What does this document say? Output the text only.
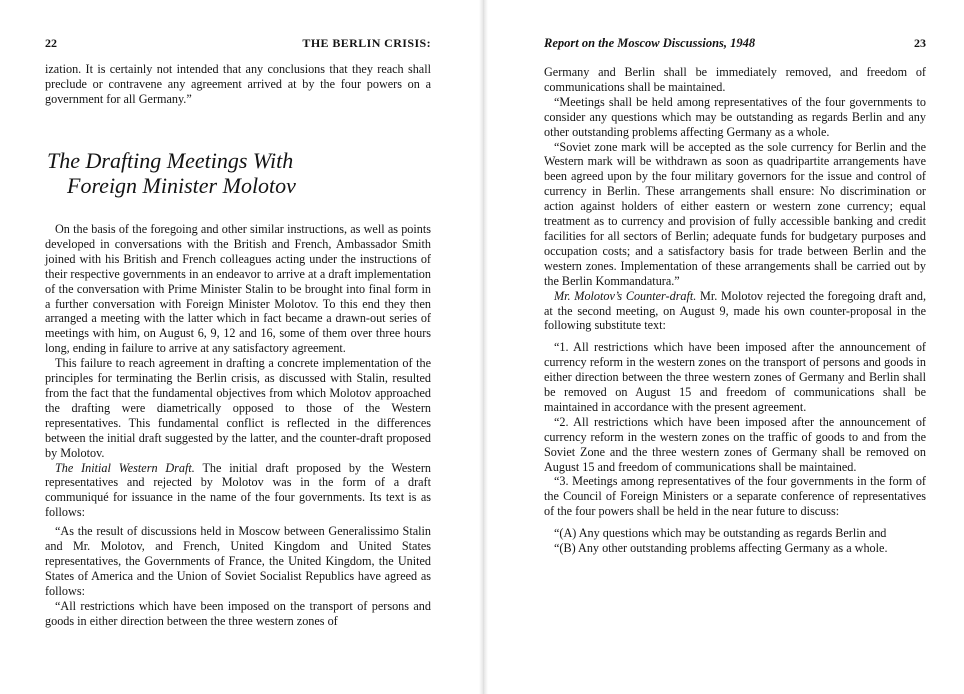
22	THE BERLIN CRISIS:

ization. It is certainly not intended that any conclusions that they reach shall preclude or contravene any agreement arrived at by the four powers on a government for all Germany.”

The Drafting Meetings With
Foreign Minister Molotov

On the basis of the foregoing and other similar instructions, as well as points developed in conversations with the British and French, Ambassador Smith joined with his British and French colleagues acting under the instructions of their respective governments in an endeavor to arrive at a draft implementation of the conversation with Prime Minister Stalin to be brought into final form in a further conversation with Foreign Minister Molotov. To this end they then arranged a meeting with the latter which in fact became a drawn-out series of meetings with him, on August 6, 9, 12 and 16, some of them over three hours long, ending in failure to arrive at any satisfactory agreement.

This failure to reach agreement in drafting a concrete implementation of the principles for terminating the Berlin crisis, as discussed with Stalin, resulted from the fact that the fundamental objectives from which Molotov approached the drafting were diametrically opposed to those of the Western representatives. This fundamental conflict is reflected in the differences between the initial draft suggested by the latter, and the counter-draft proposed by Molotov.

The Initial Western Draft. The initial draft proposed by the Western representatives and rejected by Molotov was in the form of a draft communiqué for issuance in the name of the four governments. Its text is as follows:

“As the result of discussions held in Moscow between Generalissimo Stalin and Mr. Molotov, and French, United Kingdom and United States representatives, the Governments of France, the United Kingdom, the United States of America and the Union of Soviet Socialist Republics have agreed as follows:

“All restrictions which have been imposed on the transport of persons and goods in either direction between the three western zones of

Report on the Moscow Discussions, 1948	23

Germany and Berlin shall be immediately removed, and freedom of communications shall be maintained.

“Meetings shall be held among representatives of the four governments to consider any questions which may be outstanding as regards Berlin and any other outstanding problems affecting Germany as a whole.

“Soviet zone mark will be accepted as the sole currency for Berlin and the Western mark will be withdrawn as soon as quadripartite arrangements have been agreed upon by the four military governors for the issue and control of currency in Berlin. These arrangements shall ensure: No discrimination or action against holders of either eastern or western zone currency; equal treatment as to currency and provision of fully accessible banking and credit facilities for all sectors of Berlin; adequate funds for budgetary purposes and occupation costs; and a satisfactory basis for trade between Berlin and the western zones. Implementation of these arrangements shall be carried out by the Berlin Kommandatura.”

Mr. Molotov’s Counter-draft. Mr. Molotov rejected the foregoing draft and, at the second meeting, on August 9, made his own counter-proposal in the following substitute text:

“1. All restrictions which have been imposed after the announcement of currency reform in the western zones on the transport of persons and goods in either direction between the three western zones of Germany and Berlin shall be removed on August 15 and freedom of communications shall be maintained in accordance with the present agreement.

“2. All restrictions which have been imposed after the announcement of currency reform in the western zones on the traffic of goods to and from the Soviet Zone and the three western zones of Germany shall be removed on August 15 and freedom of communications shall be maintained.

“3. Meetings among representatives of the four governments in the form of the Council of Foreign Ministers or a separate conference of representatives of the four powers shall be held in the near future to discuss:

“(A) Any questions which may be outstanding as regards Berlin and

“(B) Any other outstanding problems affecting Germany as a whole.
